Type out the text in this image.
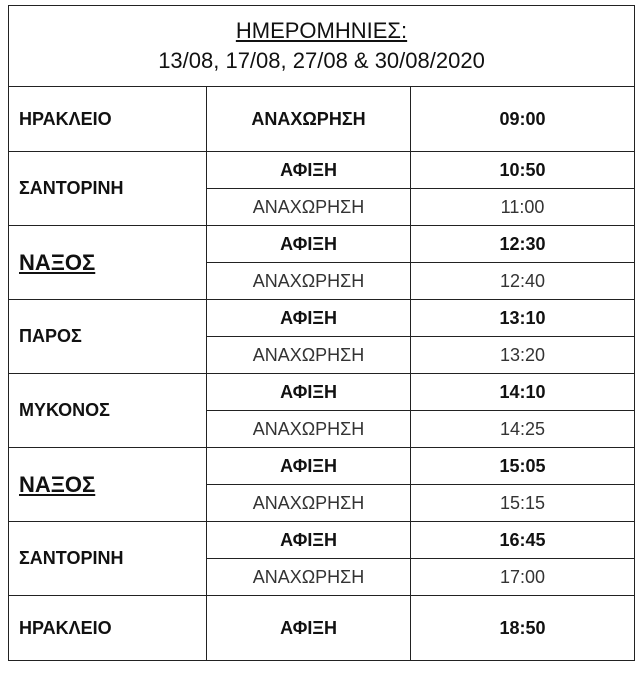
ΗΜΕΡΟΜΗΝΙΕΣ:
13/08, 17/08, 27/08 & 30/08/2020		

ΗΡΑΚΛΕΙΟ	ΑΝΑΧΩΡΗΣΗ	09:00
ΣΑΝΤΟΡΙΝΗ	ΑΦΙΞΗ	10:50
	ΑΝΑΧΩΡΗΣΗ	11:00
ΝΑΞΟΣ	ΑΦΙΞΗ	12:30
	ΑΝΑΧΩΡΗΣΗ	12:40
ΠΑΡΟΣ	ΑΦΙΞΗ	13:10
	ΑΝΑΧΩΡΗΣΗ	13:20
ΜΥΚΟΝΟΣ	ΑΦΙΞΗ	14:10
	ΑΝΑΧΩΡΗΣΗ	14:25
ΝΑΞΟΣ	ΑΦΙΞΗ	15:05
	ΑΝΑΧΩΡΗΣΗ	15:15
ΣΑΝΤΟΡΙΝΗ	ΑΦΙΞΗ	16:45
	ΑΝΑΧΩΡΗΣΗ	17:00
ΗΡΑΚΛΕΙΟ	ΑΦΙΞΗ	18:50
